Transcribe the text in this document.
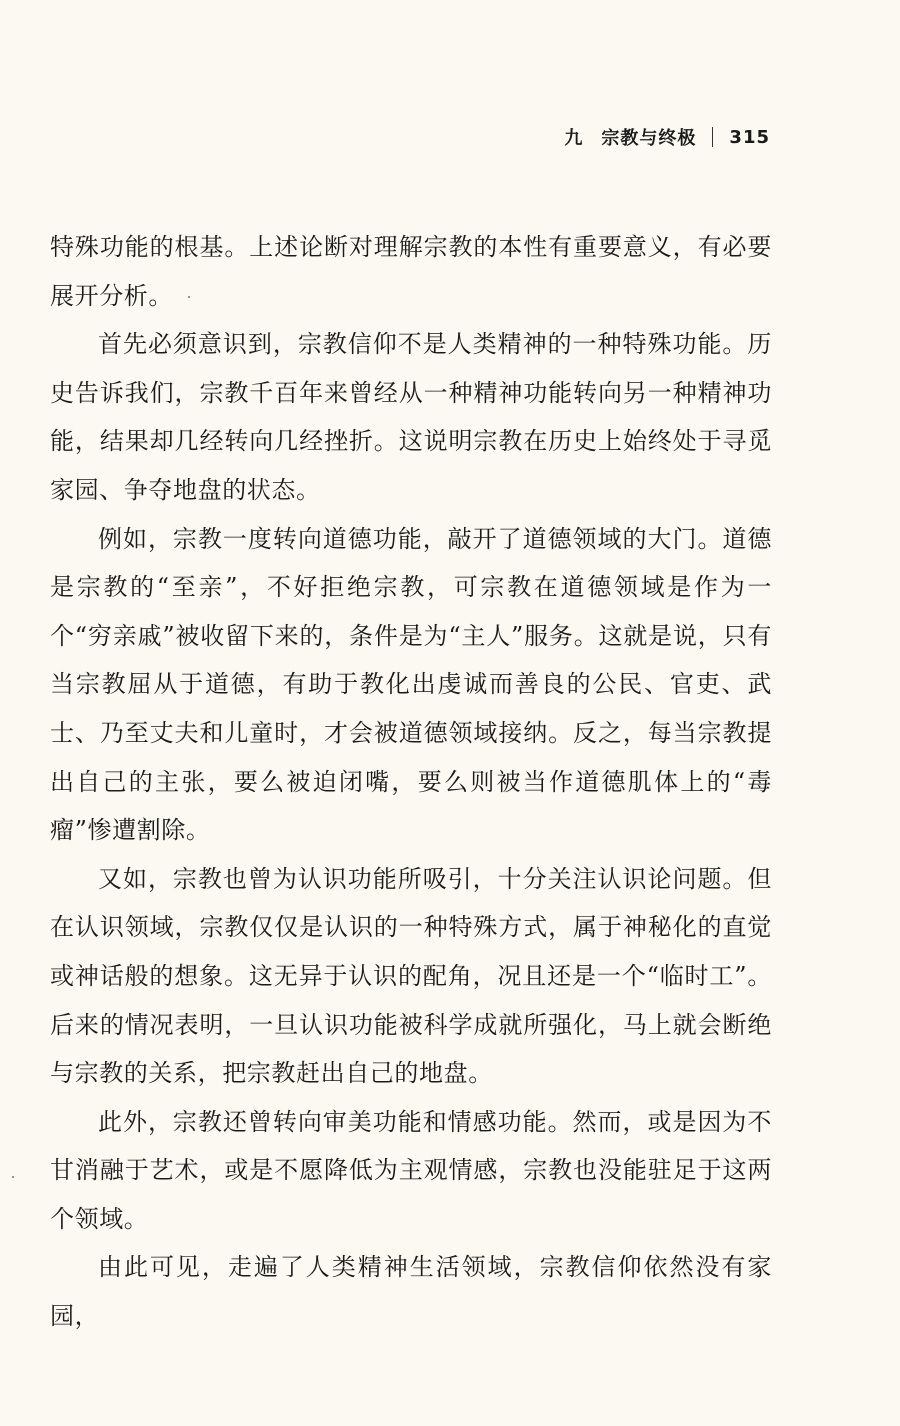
九 宗教与终极 315

特殊功能的根基。上述论断对理解宗教的本性有重要意义，有必要展开分析。

首先必须意识到，宗教信仰不是人类精神的一种特殊功能。历史告诉我们，宗教千百年来曾经从一种精神功能转向另一种精神功能，结果却几经转向几经挫折。这说明宗教在历史上始终处于寻觅家园、争夺地盘的状态。

例如，宗教一度转向道德功能，敲开了道德领域的大门。道德是宗教的“至亲”，不好拒绝宗教，可宗教在道德领域是作为一个“穷亲戚”被收留下来的，条件是为“主人”服务。这就是说，只有当宗教屈从于道德，有助于教化出虔诚而善良的公民、官吏、武士、乃至丈夫和儿童时，才会被道德领域接纳。反之，每当宗教提出自己的主张，要么被迫闭嘴，要么则被当作道德肌体上的“毒瘤”惨遭割除。

又如，宗教也曾为认识功能所吸引，十分关注认识论问题。但在认识领域，宗教仅仅是认识的一种特殊方式，属于神秘化的直觉或神话般的想象。这无异于认识的配角，况且还是一个“临时工”。后来的情况表明，一旦认识功能被科学成就所强化，马上就会断绝与宗教的关系，把宗教赶出自己的地盘。

此外，宗教还曾转向审美功能和情感功能。然而，或是因为不甘消融于艺术，或是不愿降低为主观情感，宗教也没能驻足于这两个领域。

由此可见，走遍了人类精神生活领域，宗教信仰依然没有家园，
